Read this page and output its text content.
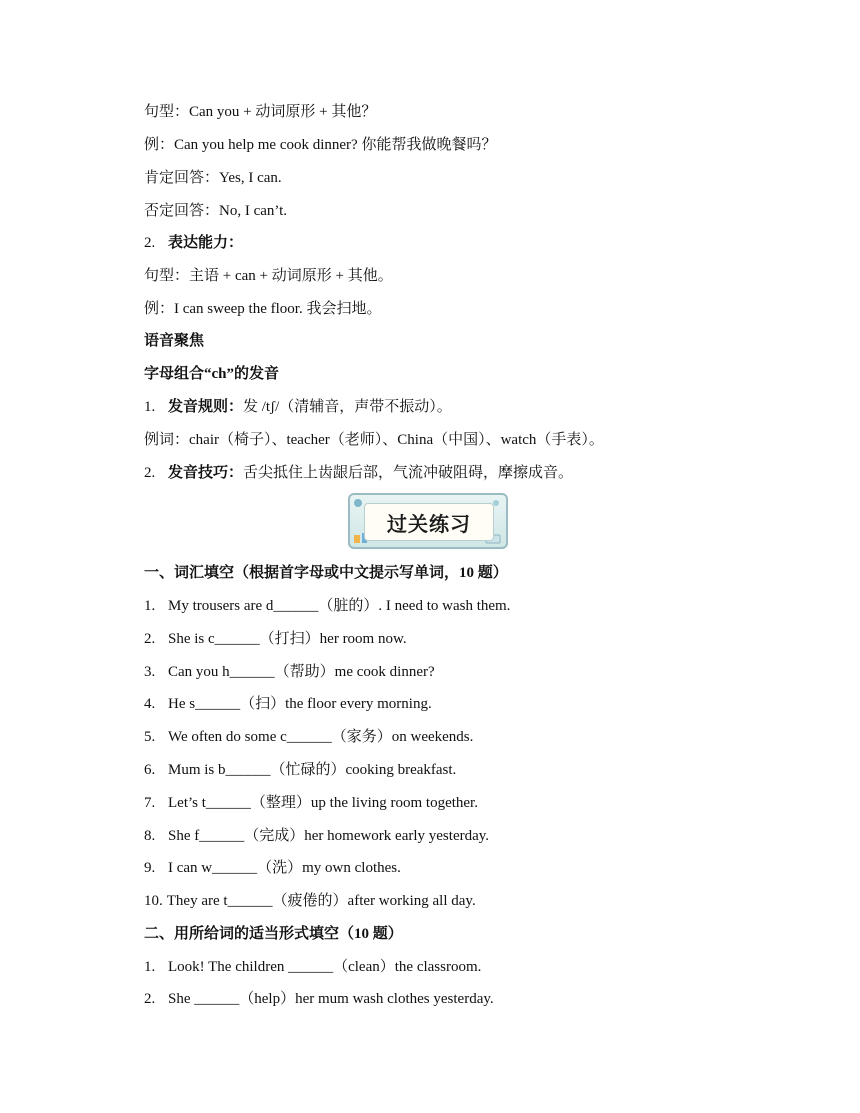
句型：Can you + 动词原形 + 其他？
例：Can you help me cook dinner? 你能帮我做晚餐吗？
肯定回答：Yes, I can.
否定回答：No, I can’t.
2. 表达能力：
句型：主语 + can + 动词原形 + 其他。
例：I can sweep the floor. 我会扫地。
语音聚焦
字母组合“ch”的发音
1. 发音规则：发 /tʃ/（清辅音，声带不振动）。
例词：chair（椅子）、teacher（老师）、China（中国）、watch（手表）。
2. 发音技巧：舌尖抵住上齿龈后部，气流冲破阻碍，摩擦成音。
过关练习
一、词汇填空（根据首字母或中文提示写单词，10 题）
1. My trousers are d______（脏的）. I need to wash them.
2. She is c______（打扫）her room now.
3. Can you h______（帮助）me cook dinner?
4. He s______（扫）the floor every morning.
5. We often do some c______（家务）on weekends.
6. Mum is b______（忙碌的）cooking breakfast.
7. Let’s t______（整理）up the living room together.
8. She f______（完成）her homework early yesterday.
9. I can w______（洗）my own clothes.
10. They are t______（疲倦的）after working all day.
二、用所给词的适当形式填空（10 题）
1. Look! The children ______（clean）the classroom.
2. She ______（help）her mum wash clothes yesterday.
